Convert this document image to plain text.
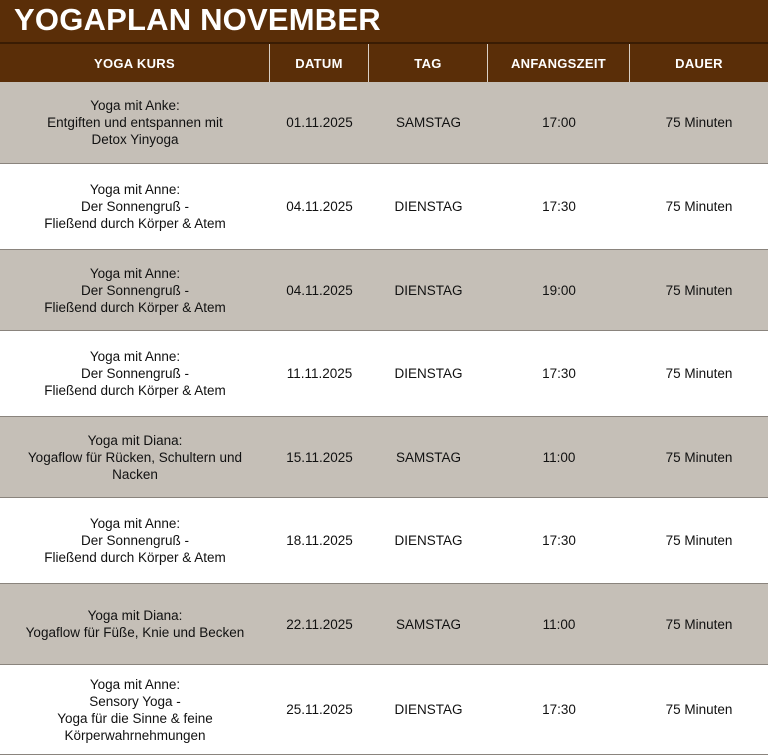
YOGAPLAN NOVEMBER
YOGA KURS	DATUM	TAG	ANFANGSZEIT	DAUER
Yoga mit Anke:
Entgiften und entspannen mit
Detox Yinyoga
01.11.2025	SAMSTAG	17:00	75 Minuten
Yoga mit Anne:
Der Sonnengruß -
Fließend durch Körper & Atem
04.11.2025	DIENSTAG	17:30	75 Minuten
Yoga mit Anne:
Der Sonnengruß -
Fließend durch Körper & Atem
04.11.2025	DIENSTAG	19:00	75 Minuten
Yoga mit Anne:
Der Sonnengruß -
Fließend durch Körper & Atem
11.11.2025	DIENSTAG	17:30	75 Minuten
Yoga mit Diana:
Yogaflow für Rücken, Schultern und
Nacken
15.11.2025	SAMSTAG	11:00	75 Minuten
Yoga mit Anne:
Der Sonnengruß -
Fließend durch Körper & Atem
18.11.2025	DIENSTAG	17:30	75 Minuten
Yoga mit Diana:
Yogaflow für Füße, Knie und Becken
22.11.2025	SAMSTAG	11:00	75 Minuten
Yoga mit Anne:
Sensory Yoga -
Yoga für die Sinne & feine
Körperwahrnehmungen
25.11.2025	DIENSTAG	17:30	75 Minuten
